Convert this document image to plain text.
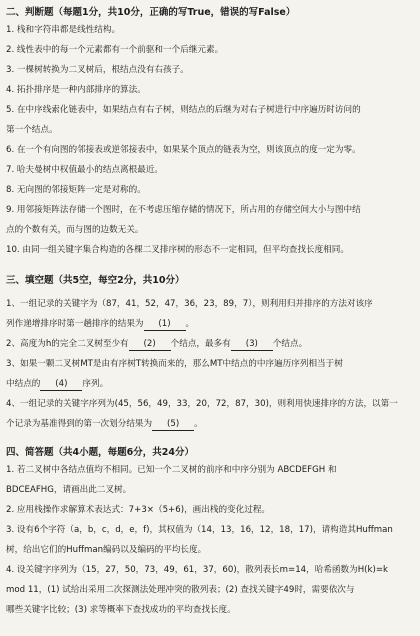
二、判断题（每题1分，共10分，正确的写True，错误的写False）

1. 栈和字符串都是线性结构。

2. 线性表中的每一个元素都有一个前驱和一个后继元素。

3. 一棵树转换为二叉树后，根结点没有右孩子。

4. 拓扑排序是一种内部排序的算法。

5. 在中序线索化链表中，如果结点有右子树，则结点的后继为对右子树进行中序遍历时访问的

第一个结点。

6. 在一个有向图的邻接表或逆邻接表中，如果某个顶点的链表为空，则该顶点的度一定为零。

7. 哈夫曼树中权值最小的结点离根最近。

8. 无向图的邻接矩阵一定是对称的。

9. 用邻接矩阵法存储一个图时，在不考虑压缩存储的情况下，所占用的存储空间大小与图中结

点的个数有关，而与图的边数无关。

10. 由同一组关键字集合构造的各棵二叉排序树的形态不一定相同，但平均查找长度相同。

三、填空题（共5空，每空2分，共10分）

1、一组记录的关键字为（87，41，52，47，36，23，89，7），则利用归并排序的方法对该序

列作递增排序时第一趟排序的结果为 (1) 。

2、高度为h的完全二叉树至少有 (2) 个结点，最多有 (3) 个结点。

3、如果一颗二叉树MT是由有序树T转换而来的，那么MT中结点的中序遍历序列相当于树

中结点的 (4) 序列。

4、一组记录的关键字序列为(45，56，49，33，20，72，87，30)，则利用快速排序的方法，以第一

个记录为基准得到的第一次划分结果为 (5) 。

四、简答题（共4小题，每题6分，共24分）

1. 若二叉树中各结点值均不相同。已知一个二叉树的前序和中序分别为 ABCDEFGH 和

BDCEAFHG，请画出此二叉树。

2. 应用栈操作求解算术表达式：7+3×（5+6)，画出栈的变化过程。

3. 设有6个字符（a，b，c，d，e，f)，其权值为（14，13，16，12，18，17)，请构造其Huffman

树，给出它们的Huffman编码以及编码的平均长度。

4. 设关键字序列为（15，27，50，73，49，61，37，60)，散列表长m=14，哈希函数为H(k)=k

mod 11，(1) 试给出采用二次探测法处理冲突的散列表；(2) 查找关键字49时，需要依次与

哪些关键字比较；(3) 求等概率下查找成功的平均查找长度。
